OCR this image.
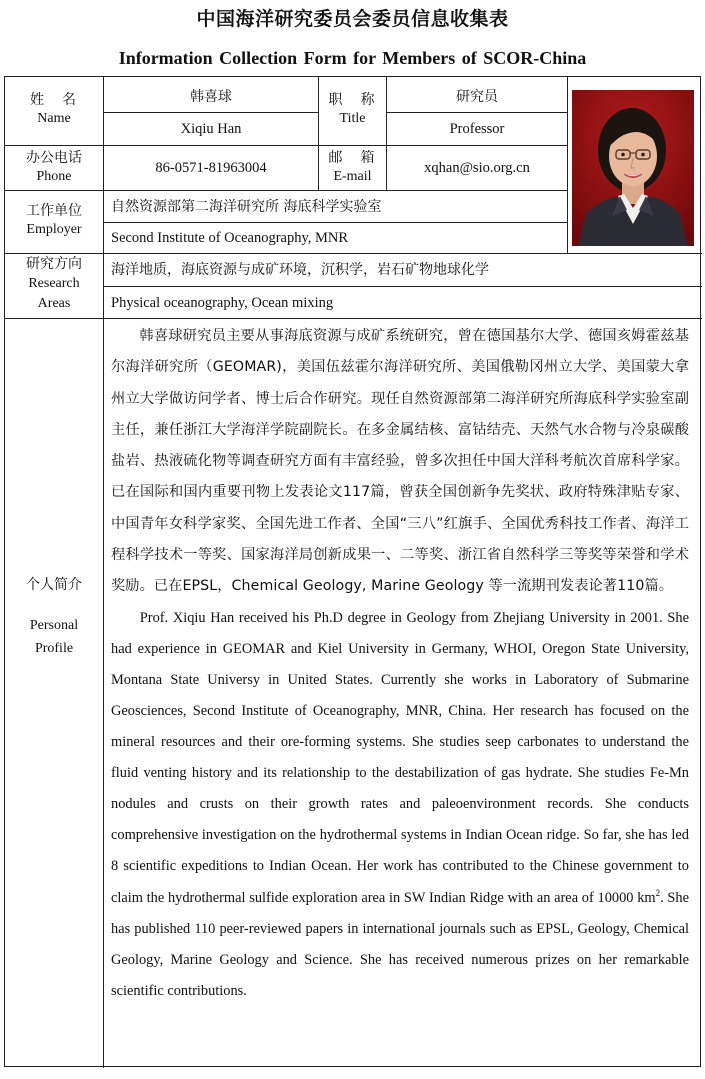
中国海洋研究委员会委员信息收集表
Information Collection Form for Members of SCOR-China
姓　名
Name
韩喜球
Xiqiu Han
职　称
Title
研究员
Professor
办公电话
Phone
86-0571-81963004
邮　箱
E-mail
xqhan@sio.org.cn
工作单位
Employer
自然资源部第二海洋研究所 海底科学实验室
Second Institute of Oceanography, MNR
研究方向
Research
Areas
海洋地质，海底资源与成矿环境，沉积学，岩石矿物地球化学
Physical oceanography, Ocean mixing
个人简介
Personal
Profile

韩喜球研究员主要从事海底资源与成矿系统研究，曾在德国基尔大学、德国亥姆霍兹基尔海洋研究所（GEOMAR)，美国伍兹霍尔海洋研究所、美国俄勒冈州立大学、美国蒙大拿州立大学做访问学者、博士后合作研究。现任自然资源部第二海洋研究所海底科学实验室副主任，兼任浙江大学海洋学院副院长。在多金属结核、富钴结壳、天然气水合物与冷泉碳酸盐岩、热液硫化物等调查研究方面有丰富经验，曾多次担任中国大洋科考航次首席科学家。已在国际和国内重要刊物上发表论文117篇，曾获全国创新争先奖状、政府特殊津贴专家、中国青年女科学家奖、全国先进工作者、全国“三八”红旗手、全国优秀科技工作者、海洋工程科学技术一等奖、国家海洋局创新成果一、二等奖、浙江省自然科学三等奖等荣誉和学术奖励。已在EPSL，Chemical Geology, Marine Geology 等一流期刊发表论著110篇。

Prof. Xiqiu Han received his Ph.D degree in Geology from Zhejiang University in 2001. She had experience in GEOMAR and Kiel University in Germany, WHOI, Oregon State University, Montana State Universy in United States. Currently she works in Laboratory of Submarine Geosciences, Second Institute of Oceanography, MNR, China. Her research has focused on the mineral resources and their ore-forming systems. She studies seep carbonates to understand the fluid venting history and its relationship to the destabilization of gas hydrate. She studies Fe-Mn nodules and crusts on their growth rates and paleoenvironment records. She conducts comprehensive investigation on the hydrothermal systems in Indian Ocean ridge. So far, she has led 8 scientific expeditions to Indian Ocean. Her work has contributed to the Chinese government to claim the hydrothermal sulfide exploration area in SW Indian Ridge with an area of 10000 $km^2$. She has published 110 peer-reviewed papers in international journals such as EPSL, Geology, Chemical Geology, Marine Geology and Science. She has received numerous prizes on her remarkable scientific contributions.
